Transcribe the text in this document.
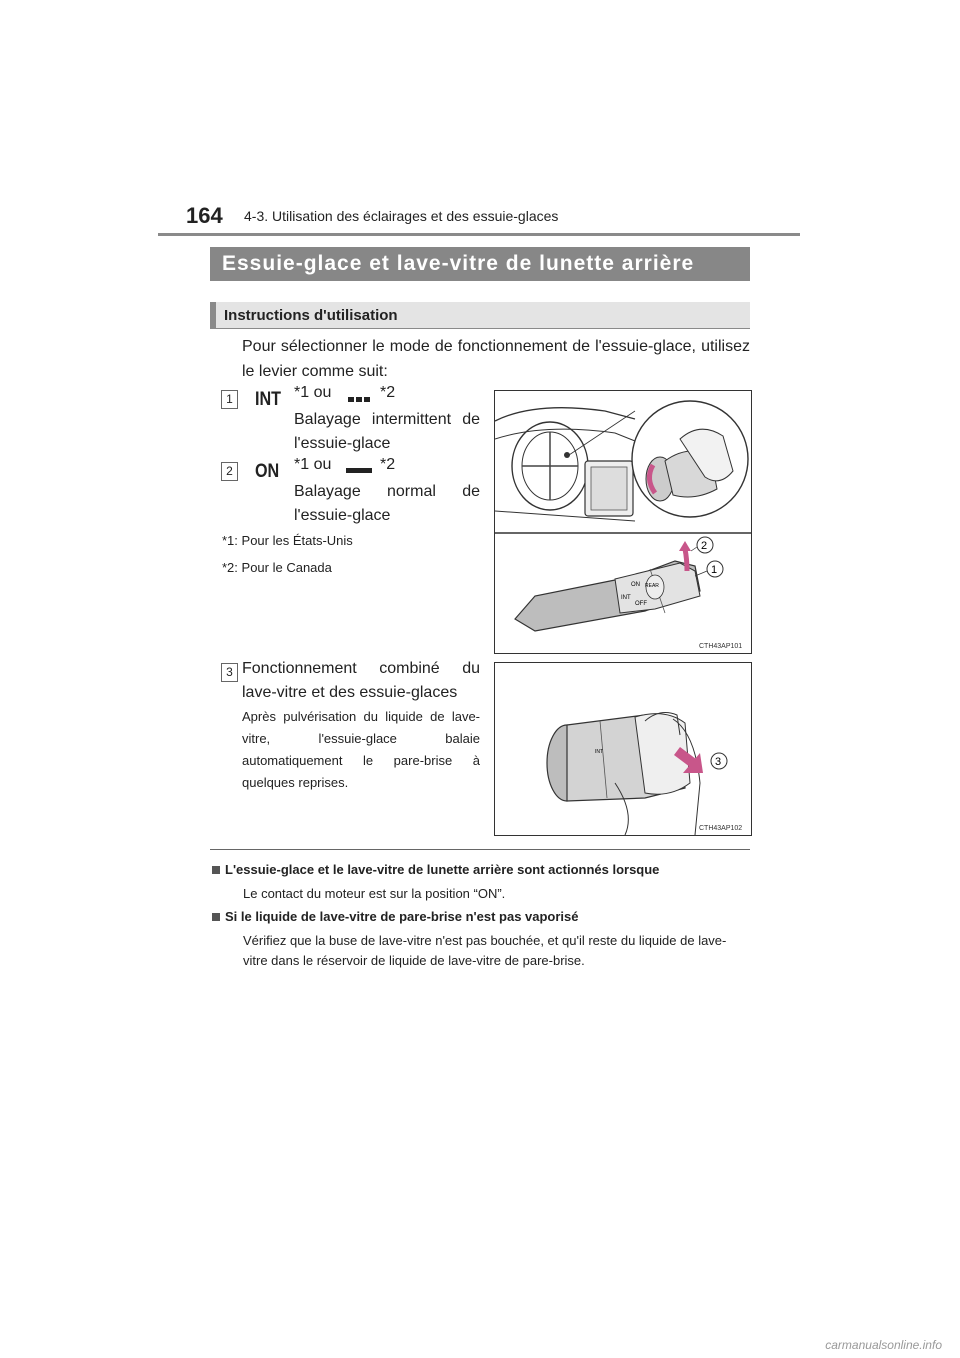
164 4-3. Utilisation des éclairages et des essuie-glaces
Essuie-glace et lave-vitre de lunette arrière
Instructions d'utilisation
Pour sélectionner le mode de fonctionnement de l'essuie-glace, utilisez le levier comme suit:
1 INT *1 ou	*2
Balayage intermittent de l'essuie-glace
2 ON *1 ou	*2
Balayage normal de l'essuie-glace
*1: Pour les États-Unis
*2: Pour le Canada
ON
INT
OFF
REAR
2
1
CTH43AP101
3 Fonctionnement combiné du lave-vitre et des essuie-glaces
Après pulvérisation du liquide de lave-vitre, l'essuie-glace balaie automatiquement le pare-brise à quelques reprises.
INT
3
CTH43AP102
L'essuie-glace et le lave-vitre de lunette arrière sont actionnés lorsque
Le contact du moteur est sur la position “ON”.
Si le liquide de lave-vitre de pare-brise n'est pas vaporisé
Vérifiez que la buse de lave-vitre n'est pas bouchée, et qu'il reste du liquide de lave-vitre dans le réservoir de liquide de lave-vitre de pare-brise.
carmanualsonline.info
